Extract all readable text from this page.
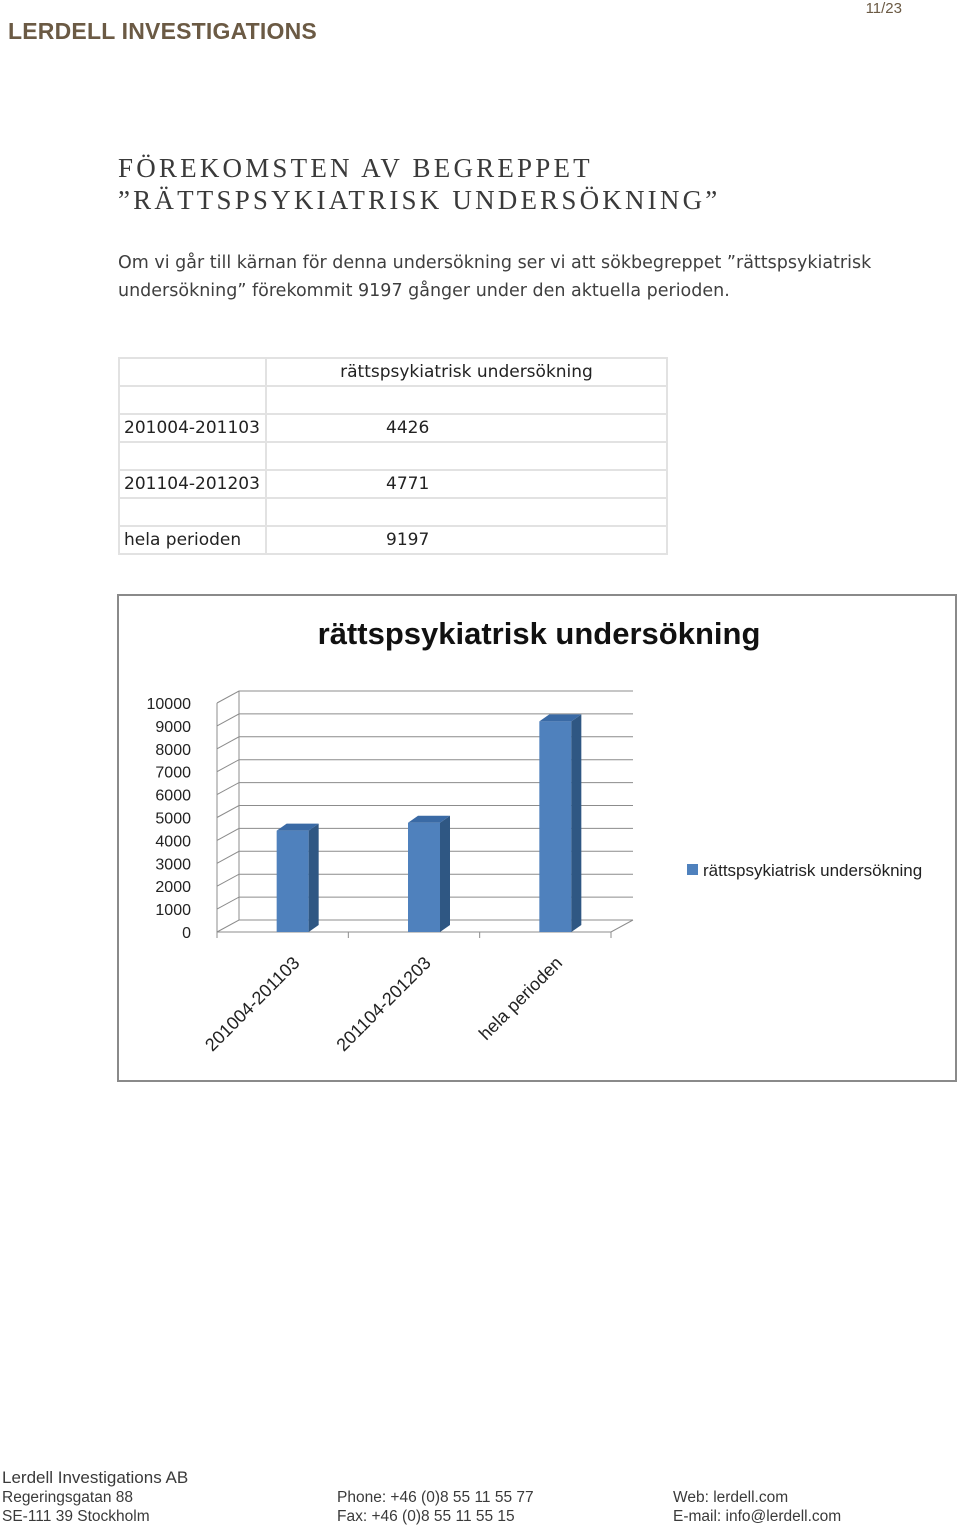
LERDELL INVESTIGATIONS
11/23
FÖREKOMSTEN AV BEGREPPET
”RÄTTSPSYKIATRISK UNDERSÖKNING”

Om vi går till kärnan för denna undersökning ser vi att sökbegreppet ”rättspsykiatrisk undersökning” förekommit 9197 gånger under den aktuella perioden.

	rättspsykiatrisk undersökning

201004-201103	4426

201104-201203	4771

hela perioden	9197
rättspsykiatrisk undersökning
0
1000
2000
3000
4000
5000
6000
7000
8000
9000
10000
201004-201103 201104-201203 hela perioden
rättspsykiatrisk undersökning
Lerdell Investigations AB
Regeringsgatan 88
SE-111 39 Stockholm
Phone: +46 (0)8 55 11 55 77
Fax: +46 (0)8 55 11 55 15
Web: lerdell.com
E-mail: info@lerdell.com
